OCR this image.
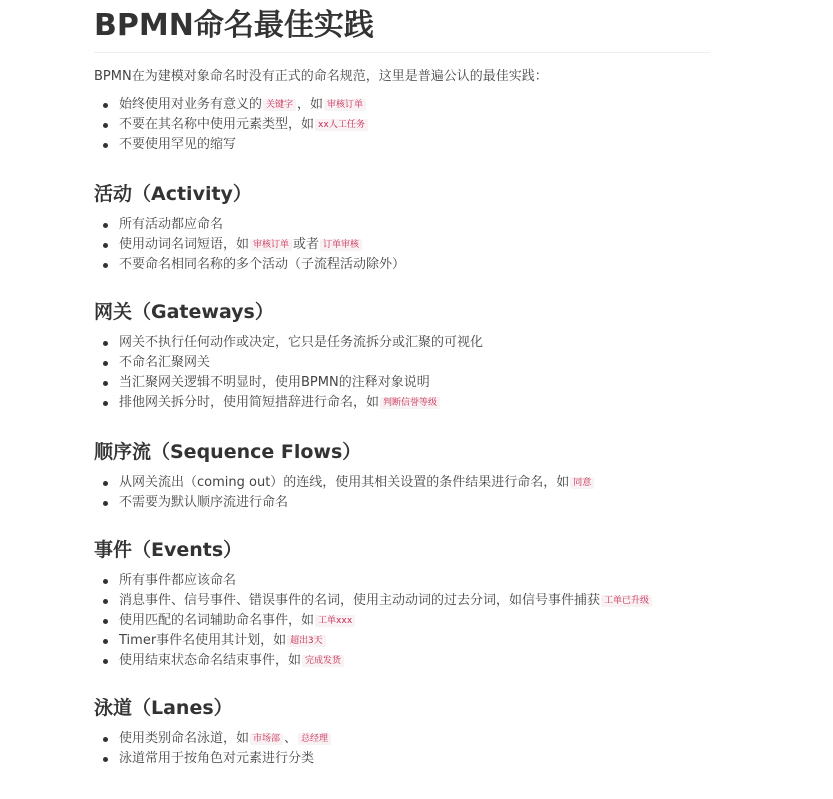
BPMN命名最佳实践

BPMN在为建模对象命名时没有正式的命名规范，这里是普遍公认的最佳实践：

始终使用对业务有意义的 关键字 ，如 审核订单
不要在其名称中使用元素类型，如 xx人工任务
不要使用罕见的缩写
活动（Activity）
所有活动都应命名
使用动词名词短语，如 审核订单 或者 订单审核
不要命名相同名称的多个活动（子流程活动除外）
网关（Gateways）
网关不执行任何动作或决定，它只是任务流拆分或汇聚的可视化
不命名汇聚网关
当汇聚网关逻辑不明显时，使用BPMN的注释对象说明
排他网关拆分时，使用简短措辞进行命名，如 判断信誉等级
顺序流（Sequence Flows）
从网关流出（coming out）的连线，使用其相关设置的条件结果进行命名，如 同意
不需要为默认顺序流进行命名
事件（Events）
所有事件都应该命名
消息事件、信号事件、错误事件的名词，使用主动动词的过去分词，如信号事件捕获 工单已升级
使用匹配的名词辅助命名事件，如 工单xxx
Timer事件名使用其计划，如 超出3天
使用结束状态命名结束事件，如 完成发货
泳道（Lanes）
使用类别命名泳道，如 市场部 、 总经理
泳道常用于按角色对元素进行分类
